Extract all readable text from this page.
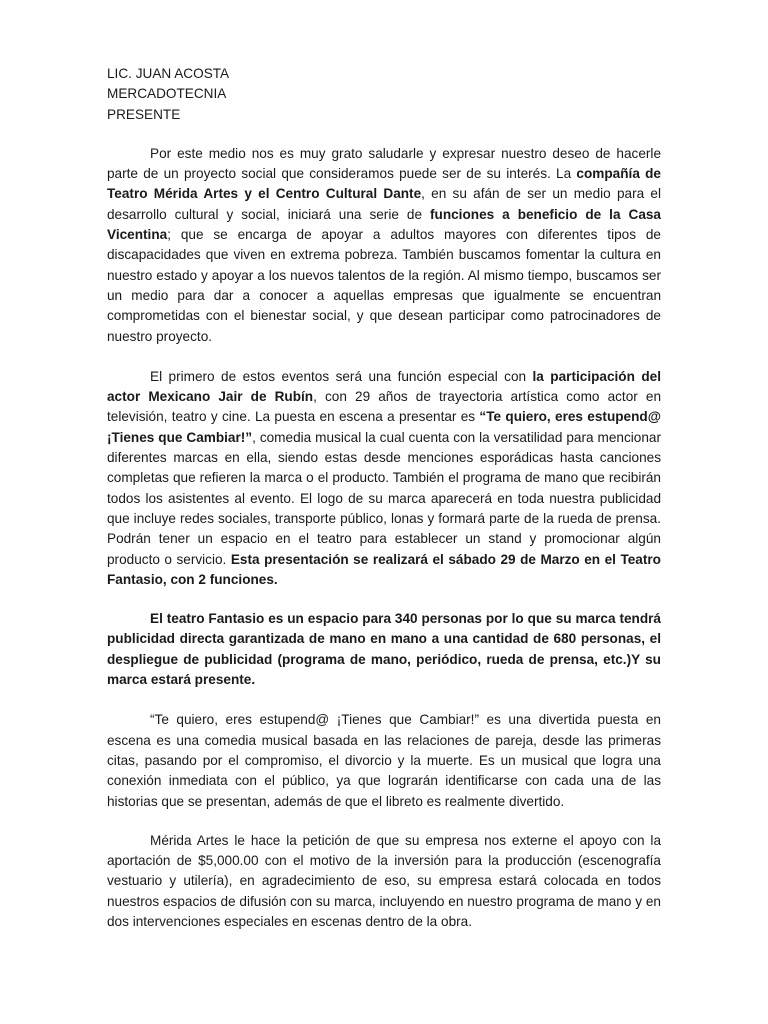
LIC. JUAN ACOSTA
MERCADOTECNIA
PRESENTE

Por este medio nos es muy grato saludarle y expresar nuestro deseo de hacerle parte de un proyecto social que consideramos puede ser de su interés. La compañía de Teatro Mérida Artes y el Centro Cultural Dante, en su afán de ser un medio para el desarrollo cultural y social, iniciará una serie de funciones a beneficio de la Casa Vicentina; que se encarga de apoyar a adultos mayores con diferentes tipos de discapacidades que viven en extrema pobreza. También buscamos fomentar la cultura en nuestro estado y apoyar a los nuevos talentos de la región. Al mismo tiempo, buscamos ser un medio para dar a conocer a aquellas empresas que igualmente se encuentran comprometidas con el bienestar social, y que desean participar como patrocinadores de nuestro proyecto.

El primero de estos eventos será una función especial con la participación del actor Mexicano Jair de Rubín, con 29 años de trayectoria artística como actor en televisión, teatro y cine. La puesta en escena a presentar es “Te quiero, eres estupend@ ¡Tienes que Cambiar!”, comedia musical la cual cuenta con la versatilidad para mencionar diferentes marcas en ella, siendo estas desde menciones esporádicas hasta canciones completas que refieren la marca o el producto. También el programa de mano que recibirán todos los asistentes al evento. El logo de su marca aparecerá en toda nuestra publicidad que incluye redes sociales, transporte público, lonas y formará parte de la rueda de prensa. Podrán tener un espacio en el teatro para establecer un stand y promocionar algún producto o servicio. Esta presentación se realizará el sábado 29 de Marzo en el Teatro Fantasio, con 2 funciones.

El teatro Fantasio es un espacio para 340 personas por lo que su marca tendrá publicidad directa garantizada de mano en mano a una cantidad de 680 personas, el despliegue de publicidad (programa de mano, periódico, rueda de prensa, etc.)Y su marca estará presente.

“Te quiero, eres estupend@ ¡Tienes que Cambiar!” es una divertida puesta en escena es una comedia musical basada en las relaciones de pareja, desde las primeras citas, pasando por el compromiso, el divorcio y la muerte. Es un musical que logra una conexión inmediata con el público, ya que lograrán identificarse con cada una de las historias que se presentan, además de que el libreto es realmente divertido.

Mérida Artes le hace la petición de que su empresa nos externe el apoyo con la aportación de $5,000.00 con el motivo de la inversión para la producción (escenografía vestuario y utilería), en agradecimiento de eso, su empresa estará colocada en todos nuestros espacios de difusión con su marca, incluyendo en nuestro programa de mano y en dos intervenciones especiales en escenas dentro de la obra.
